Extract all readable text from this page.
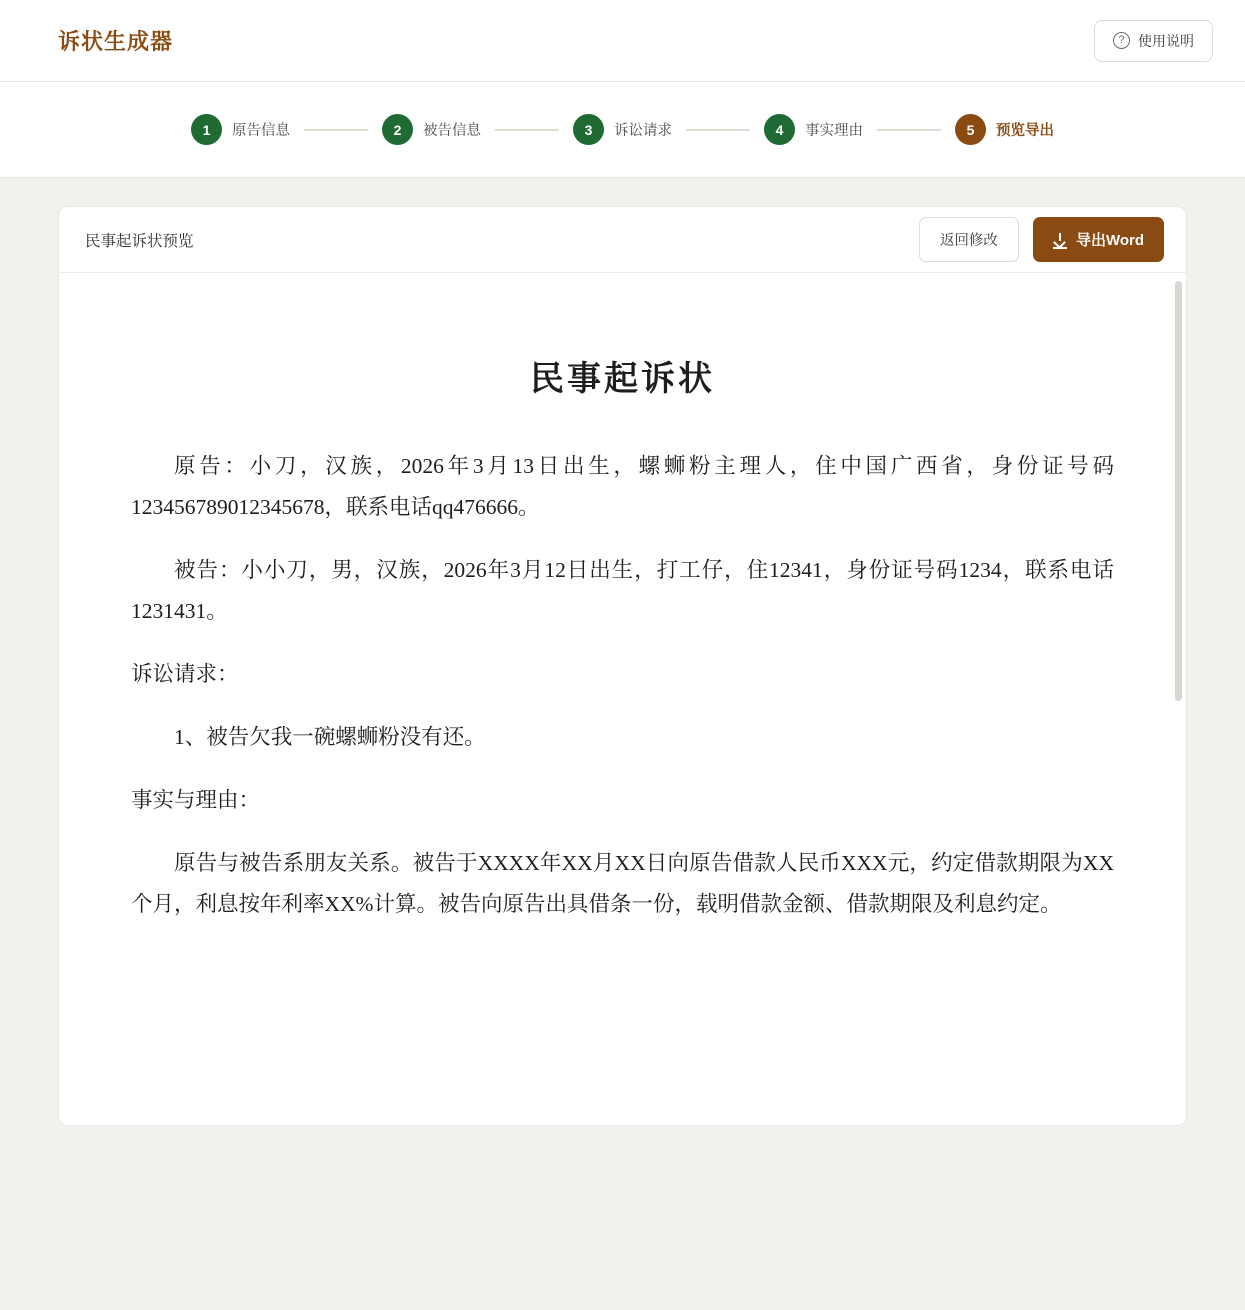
诉状生成器	? 使用说明
1	原告信息	2	被告信息	3	诉讼请求	4	事实理由	5	预览导出
民事起诉状预览	返回修改	导出Word
民事起诉状

原告：小刀，汉族，2026年3月13日出生，螺蛳粉主理人，住中国广西省，身份证号码123456789012345678，联系电话qq476666。

被告：小小刀，男，汉族，2026年3月12日出生，打工仔，住12341，身份证号码1234，联系电话1231431。

诉讼请求：

1、被告欠我一碗螺蛳粉没有还。

事实与理由：

原告与被告系朋友关系。被告于XXXX年XX月XX日向原告借款人民币XXX元，约定借款期限为XX个月，利息按年利率XX%计算。被告向原告出具借条一份，载明借款金额、借款期限及利息约定。
